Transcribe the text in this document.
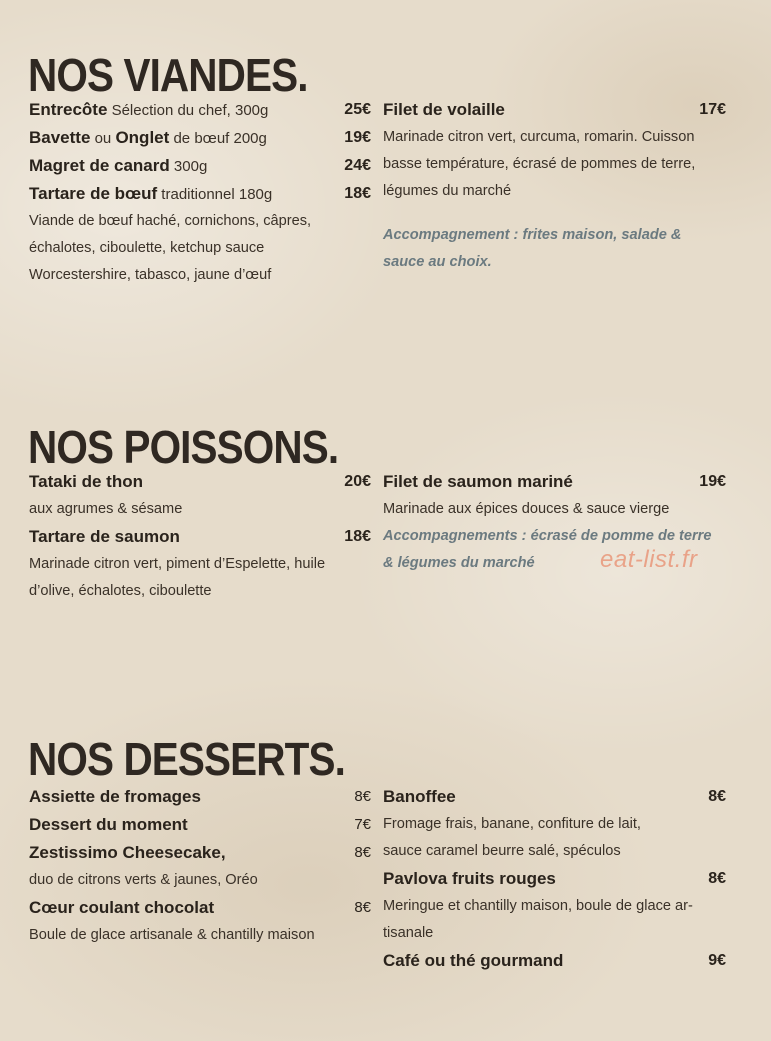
NOS VIANDES.
Entrecôte Sélection du chef, 300g	25€
Bavette ou Onglet de bœuf 200g	19€
Magret de canard 300g	24€
Tartare de bœuf traditionnel 180g	18€
Viande de bœuf haché, cornichons, câpres,
échalotes, ciboulette, ketchup sauce
Worcestershire, tabasco, jaune d’œuf
Filet de volaille	17€
Marinade citron vert, curcuma, romarin. Cuisson
basse température, écrasé de pommes de terre,
légumes du marché
Accompagnement : frites maison, salade &
sauce au choix.
NOS POISSONS.
Tataki de thon	20€
aux agrumes & sésame
Tartare de saumon	18€
Marinade citron vert, piment d’Espelette, huile
d’olive, échalotes, ciboulette
Filet de saumon mariné	19€
Marinade aux épices douces & sauce vierge
Accompagnements : écrasé de pomme de terre
& légumes du marché	eat-list.fr
NOS DESSERTS.
Assiette de fromages	8€
Dessert du moment	7€
Zestissimo Cheesecake,	8€
duo de citrons verts & jaunes, Oréo
Cœur coulant chocolat	8€
Boule de glace artisanale & chantilly maison
Banoffee	8€
Fromage frais, banane, confiture de lait,
sauce caramel beurre salé, spéculos
Pavlova fruits rouges	8€
Meringue et chantilly maison, boule de glace ar-
tisanale
Café ou thé gourmand	9€
